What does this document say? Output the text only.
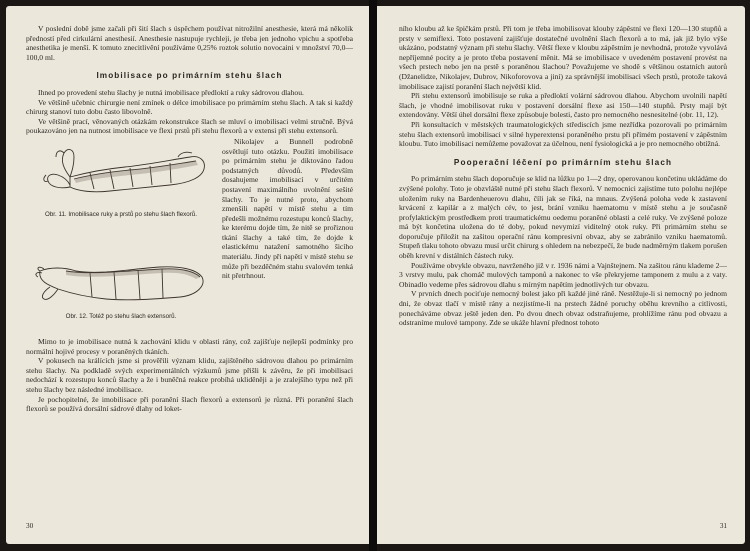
V poslední době jsme začali při šití šlach s úspěchem používat nitrožilní anesthesie, která má několik předností před cirkulární anesthesií. Anesthesie nastupuje rychleji, je třeba jen jednoho vpichu a spotřeba anesthetika je menší. K tomuto znecitlivění používáme 0,25% roztok solutio novocaini v množství 70,0—100,0 ml.

Imobilisace po primárním stehu šlach

Ihned po provedení stehu šlachy je nutná imobilisace předloktí a ruky sádrovou dlahou.

Ve většině učebnic chirurgie není zmínek o délce imobilisace po primárním stehu šlach. A tak si každý chirurg stanoví tuto dobu často libovolně.

Ve většině prací, věnovaných otázkám rekonstrukce šlach se mluví o imobilisaci velmi stručně. Bývá poukazováno jen na nutnost imobilisace ve flexi prstů při stehu flexorů a v extensi při stehu extensorů.

Obr. 11. Imobilisace ruky a prstů po stehu šlach flexorů.
Obr. 12. Totéž po stehu šlach extensorů.

Nikolajev a Bunnell podrobně osvětlují tuto otázku. Použití imobilisace po primárním stehu je diktováno řadou podstatných důvodů. Především dosahujeme imobilisací v určitém postavení maximálního uvolnění sešité šlachy. To je nutné proto, abychom zmenšili napětí v místě stehu a tím předešli možnému rozestupu konců šlachy, ke kterému dojde tím, že nitě se prořiznou tkání šlachy a také tím, že dojde k elastickému natažení samotného šicího materiálu. Jindy při napětí v místě stehu se může při bezděčném stahu svalovém tenká nit přetrhnout.

Mimo to je imobilisace nutná k zachování klidu v oblasti rány, což zajišťuje nejlepší podmínky pro normální hojivé procesy v poraněných tkáních.

V pokusech na králících jsme si prověřili význam klidu, zajištěného sádrovou dlahou po primárním stehu šlachy. Na podkladě svých experimentálních výzkumů jsme přišli k závěru, že při imobilisaci nedochází k rozestupu konců šlachy a že i buněčná reakce probíhá ukliděněji a je zralejšího typu než při stehu šlachy bez následné imobilisace.

Je pochopitelné, že imobilisace při poranění šlach flexorů a extensorů je různá. Při poranění šlach flexorů se používá dorsální sádrové dlahy od loket-

30

ního kloubu až ke špičkám prstů. Při tom je třeba imobilisovat klouby zápěstní ve flexi 120—130 stupňů a prsty v semiflexi. Toto postavení zajišťuje dostatečné uvolnění šlach flexorů a to má, jak již bylo výše ukázáno, podstatný význam při stehu šlachy. Větší flexe v kloubu zápěstním je nevhodná, protože vyvolává nepříjemné pocity a je proto třeba postavení měnit. Má se imobilisace v uvedeném postavení provést na všech prstech nebo jen na prstě s poraněnou šlachou? Považujeme ve shodě s většinou ostatních autorů (Džanelidze, Nikolajev, Dubrov, Nikoforovova a jiní) za správnější imobilisaci všech prstů, protože taková imobilisace zajistí poranění šlach největší klid.

Při stehu extensorů imobilisuje se ruka a předloktí volární sádrovou dlahou. Abychom uvolnili napětí šlach, je vhodné imobilisovat ruku v postavení dorsální flexe asi 150—140 stupňů. Prsty mají být extendovány. Větší úhel dorsální flexe způsobuje bolesti, často pro nemocného nesnesitelné (obr. 11, 12).

Při konsultacích v městských traumatologických střediscích jsme nezřídka pozorovali po primárním stehu šlach extensorů imobilisaci v silné hyperextensi poraněného prstu při přímém postavení v zápěstním kloubu. Tuto imobilisaci nemůžeme považovat za účelnou, není fysiologická a je pro nemocného obtížná.

Pooperační léčení po primárním stehu šlach

Po primárním stehu šlach doporučuje se klid na lůžku po 1—2 dny, operovanou končetinu ukládáme do zvýšené polohy. Toto je obzvláště nutné při stehu šlach flexorů. V nemocnici zajistíme tuto polohu nejlépe uložením ruky na Bardenheuerovu dlahu, číli jak se říká, na mnaus. Zvýšená poloha vede k zastavení krvácení z kapilár a z malých cév, to jest, brání vzniku haematomu v místě stehu a je současně profylaktickým prostředkem proti traumatickému oedemu poraněné oblasti a celé ruky. Ve zvýšené poloze má být končetina uložena do té doby, pokud nevymizí viditelný otok ruky. Při primárním stehu se doporučuje přiložit na zašitou operační ránu kompresivní obvaz, aby se zabránilo vzniku haematomů. Stupeň tlaku tohoto obvazu musí určit chirurg s ohledem na nebezpečí, že bude nadměrným tlakem porušen oběh krevní v distálních částech ruky.

Používáme obvykle obvazu, navrženého již v r. 1936 námi a Vajnštejnem. Na zašitou ránu klademe 2—3 vrstvy mulu, pak chomáč mulových tamponů a nakonec to vše překryjeme tamponem z mulu a z vaty. Obinadlo vedeme přes sádrovou dlahu s mírným napětím jednotlivých tur obvazu.

V prvních dnech pociťuje nemocný bolest jako při každé jiné ráně. Nestěžuje-li si nemocný po jednom dni, že obvaz tlačí v místě rány a nezjistíme-li na prstech žádné poruchy oběhu krevního a citlivosti, ponecháváme obvaz ještě jeden den. Po dvou dnech obvaz odstraňujeme, prohlížíme ránu pod obvazu a odstraníme mulové tampony. Zde se ukáže hlavní přednost tohoto

31
